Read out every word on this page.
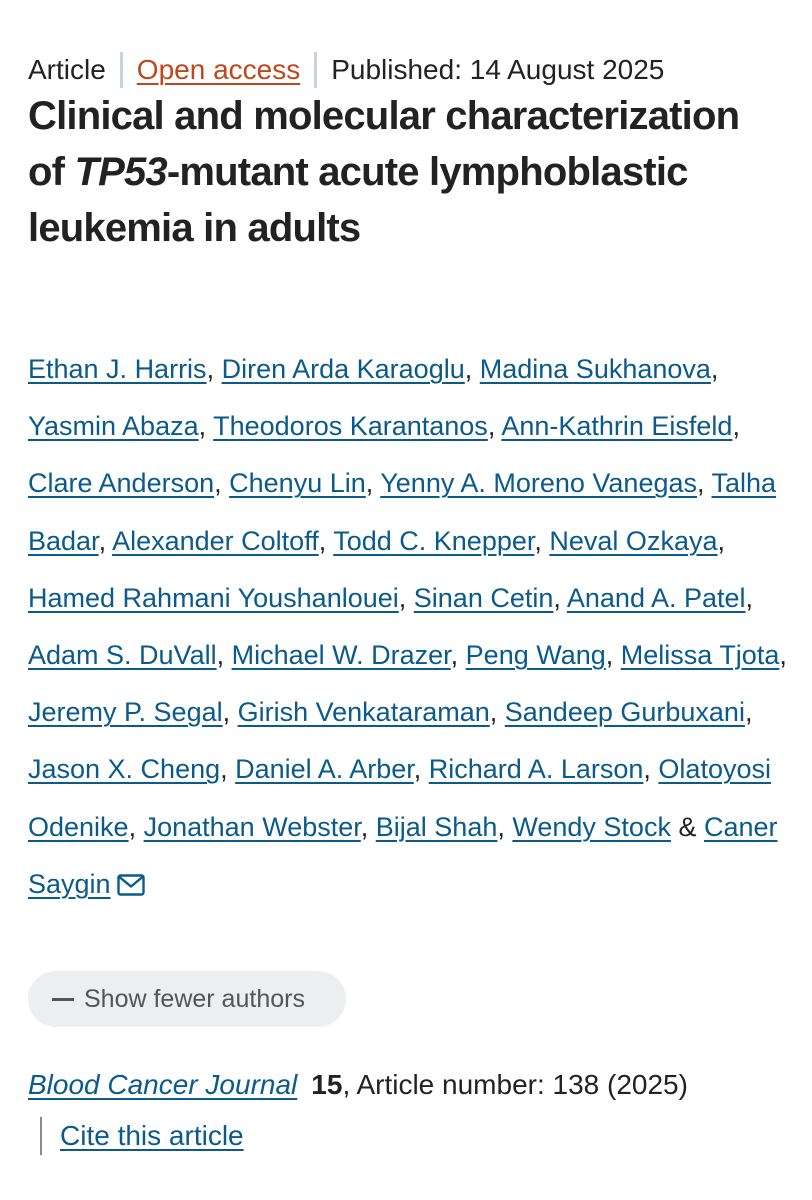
Article Open access Published: 14 August 2025
Clinical and molecular characterization of TP53-mutant acute lymphoblastic leukemia in adults

Ethan J. Harris, Diren Arda Karaoglu, Madina Sukhanova, Yasmin Abaza, Theodoros Karantanos, Ann-Kathrin Eisfeld, Clare Anderson, Chenyu Lin, Yenny A. Moreno Vanegas, Talha Badar, Alexander Coltoff, Todd C. Knepper, Neval Ozkaya, Hamed Rahmani Youshanlouei, Sinan Cetin, Anand A. Patel, Adam S. DuVall, Michael W. Drazer, Peng Wang, Melissa Tjota, Jeremy P. Segal, Girish Venkataraman, Sandeep Gurbuxani, Jason X. Cheng, Daniel A. Arber, Richard A. Larson, Olatoyosi Odenike, Jonathan Webster, Bijal Shah, Wendy Stock & Caner Saygin

Show fewer authors
Blood Cancer Journal 15 , Article number: 138 (2025)
Cite this article
